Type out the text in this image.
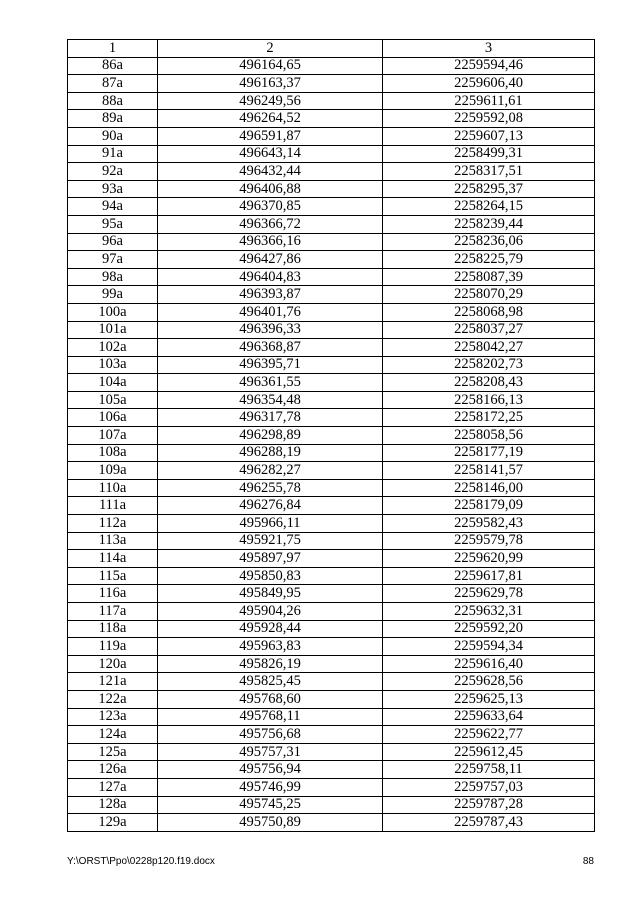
1	2	3
86а	496164,65	2259594,46
87а	496163,37	2259606,40
88а	496249,56	2259611,61
89а	496264,52	2259592,08
90а	496591,87	2259607,13
91а	496643,14	2258499,31
92а	496432,44	2258317,51
93а	496406,88	2258295,37
94а	496370,85	2258264,15
95а	496366,72	2258239,44
96а	496366,16	2258236,06
97а	496427,86	2258225,79
98а	496404,83	2258087,39
99а	496393,87	2258070,29
100а	496401,76	2258068,98
101а	496396,33	2258037,27
102а	496368,87	2258042,27
103а	496395,71	2258202,73
104а	496361,55	2258208,43
105а	496354,48	2258166,13
106а	496317,78	2258172,25
107а	496298,89	2258058,56
108а	496288,19	2258177,19
109а	496282,27	2258141,57
110а	496255,78	2258146,00
111а	496276,84	2258179,09
112а	495966,11	2259582,43
113а	495921,75	2259579,78
114а	495897,97	2259620,99
115а	495850,83	2259617,81
116а	495849,95	2259629,78
117а	495904,26	2259632,31
118а	495928,44	2259592,20
119а	495963,83	2259594,34
120а	495826,19	2259616,40
121а	495825,45	2259628,56
122а	495768,60	2259625,13
123а	495768,11	2259633,64
124а	495756,68	2259622,77
125а	495757,31	2259612,45
126а	495756,94	2259758,11
127а	495746,99	2259757,03
128а	495745,25	2259787,28
129а	495750,89	2259787,43
Y:\ORST\Ppo\0228p120.f19.docx	88
